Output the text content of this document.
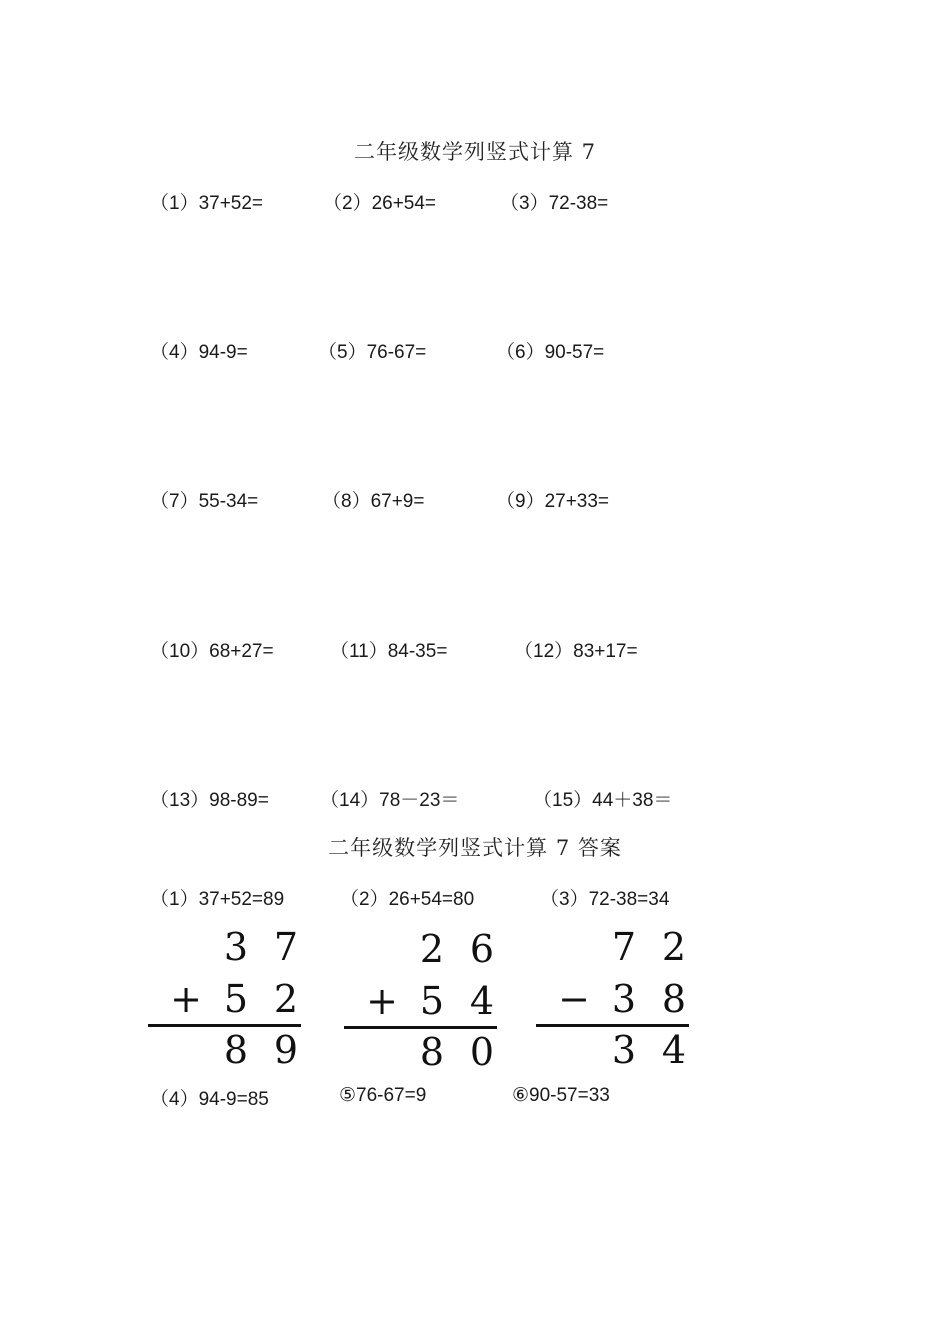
二年级数学列竖式计算 7
（1）37+52=	（2）26+54=	（3）72-38=
（4）94-9=	（5）76-67=	（6）90-57=
（7）55-34=	（8）67+9=	（9）27+33=
（10）68+27=	（11）84-35=	（12）83+17=
（13）98-89=	（14）78－23＝	（15）44＋38＝
二年级数学列竖式计算 7 答案
（1）37+52=89	（2）26+54=80	（3）72-38=34
3 7
+ 5 2
8 9
2 6
+ 5 4
8 0
7 2
− 3 8
3 4
（4）94-9=85	⑤76-67=9	⑥90-57=33
